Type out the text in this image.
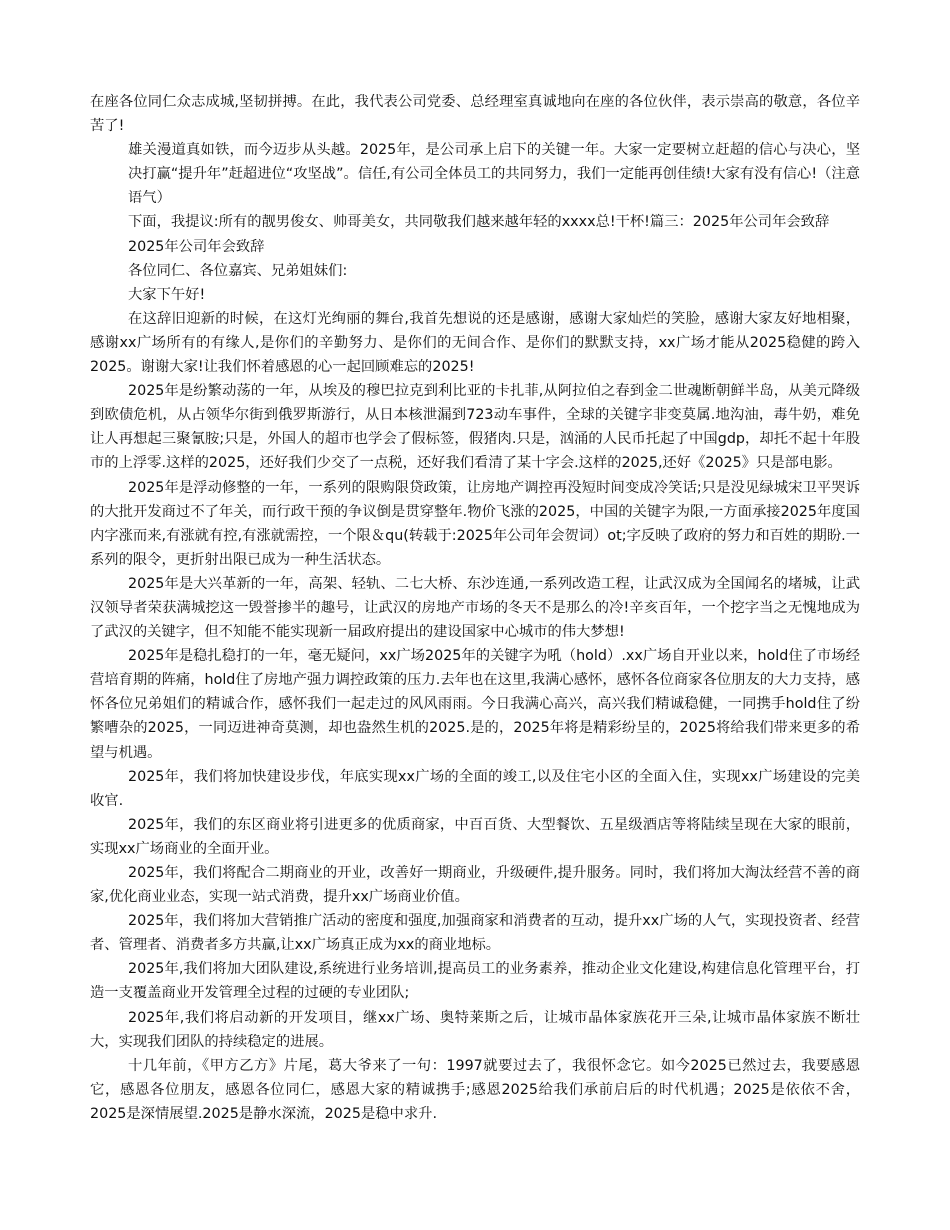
在座各位同仁众志成城,坚韧拼搏。在此，我代表公司党委、总经理室真诚地向在座的各位伙伴，表示崇高的敬意，各位辛苦了!

雄关漫道真如铁，而今迈步从头越。2025年，是公司承上启下的关键一年。大家一定要树立赶超的信心与决心，坚决打赢“提升年”赶超进位“攻坚战”。信任,有公司全体员工的共同努力，我们一定能再创佳绩!大家有没有信心!（注意语气）

下面，我提议:所有的靓男俊女、帅哥美女，共同敬我们越来越年轻的xxxx总!干杯!篇三：2025年公司年会致辞

2025年公司年会致辞

各位同仁、各位嘉宾、兄弟姐妹们:

大家下午好!

在这辞旧迎新的时候，在这灯光绚丽的舞台,我首先想说的还是感谢，感谢大家灿烂的笑脸，感谢大家友好地相聚，感谢xx广场所有的有缘人,是你们的辛勤努力、是你们的无间合作、是你们的默默支持，xx广场才能从2025稳健的跨入2025。谢谢大家!让我们怀着感恩的心一起回顾难忘的2025!

2025年是纷繁动荡的一年，从埃及的穆巴拉克到利比亚的卡扎菲,从阿拉伯之春到金二世魂断朝鲜半岛，从美元降级到欧债危机，从占领华尔街到俄罗斯游行，从日本核泄漏到723动车事件，全球的关键字非变莫属.地沟油，毒牛奶，难免让人再想起三聚氰胺;只是，外国人的超市也学会了假标签，假猪肉.只是，汹涌的人民币托起了中国gdp，却托不起十年股市的上浮零.这样的2025，还好我们少交了一点税，还好我们看清了某十字会.这样的2025,还好《2025》只是部电影。

2025年是浮动修整的一年，一系列的限购限贷政策，让房地产调控再没短时间变成冷笑话;只是没见绿城宋卫平哭诉的大批开发商过不了年关，而行政干预的争议倒是贯穿整年.物价飞涨的2025，中国的关键字为限,一方面承接2025年度国内字涨而来,有涨就有控,有涨就需控，一个限＆qu(转载于:2025年公司年会贺词）ot;字反映了政府的努力和百姓的期盼.一系列的限令，更折射出限已成为一种生活状态。

2025年是大兴革新的一年，高架、轻轨、二七大桥、东沙连通,一系列改造工程，让武汉成为全国闻名的堵城，让武汉领导者荣获满城挖这一毁誉掺半的趣号，让武汉的房地产市场的冬天不是那么的冷!辛亥百年，一个挖字当之无愧地成为了武汉的关键字，但不知能不能实现新一届政府提出的建设国家中心城市的伟大梦想!

2025年是稳扎稳打的一年，毫无疑问，xx广场2025年的关键字为吼（hold）.xx广场自开业以来，hold住了市场经营培育期的阵痛，hold住了房地产强力调控政策的压力.去年也在这里,我满心感怀，感怀各位商家各位朋友的大力支持，感怀各位兄弟姐们的精诚合作，感怀我们一起走过的风风雨雨。今日我满心高兴，高兴我们精诚稳健，一同携手hold住了纷繁嘈杂的2025，一同迈进神奇莫测，却也盎然生机的2025.是的，2025年将是精彩纷呈的，2025将给我们带来更多的希望与机遇。

2025年，我们将加快建设步伐，年底实现xx广场的全面的竣工,以及住宅小区的全面入住，实现xx广场建设的完美收官.

2025年，我们的东区商业将引进更多的优质商家，中百百货、大型餐饮、五星级酒店等将陆续呈现在大家的眼前，实现xx广场商业的全面开业。

2025年，我们将配合二期商业的开业，改善好一期商业，升级硬件,提升服务。同时，我们将加大淘汰经营不善的商家,优化商业业态，实现一站式消费，提升xx广场商业价值。

2025年，我们将加大营销推广活动的密度和强度,加强商家和消费者的互动，提升xx广场的人气，实现投资者、经营者、管理者、消费者多方共赢,让xx广场真正成为xx的商业地标。

2025年,我们将加大团队建设,系统进行业务培训,提高员工的业务素养，推动企业文化建设,构建信息化管理平台，打造一支覆盖商业开发管理全过程的过硬的专业团队;

2025年,我们将启动新的开发项目，继xx广场、奥特莱斯之后，让城市晶体家族花开三朵,让城市晶体家族不断壮大，实现我们团队的持续稳定的进展。

十几年前，《甲方乙方》片尾，葛大爷来了一句：1997就要过去了，我很怀念它。如今2025已然过去，我要感恩它，感恩各位朋友，感恩各位同仁，感恩大家的精诚携手;感恩2025给我们承前启后的时代机遇；2025是依依不舍，2025是深情展望.2025是静水深流，2025是稳中求升.
